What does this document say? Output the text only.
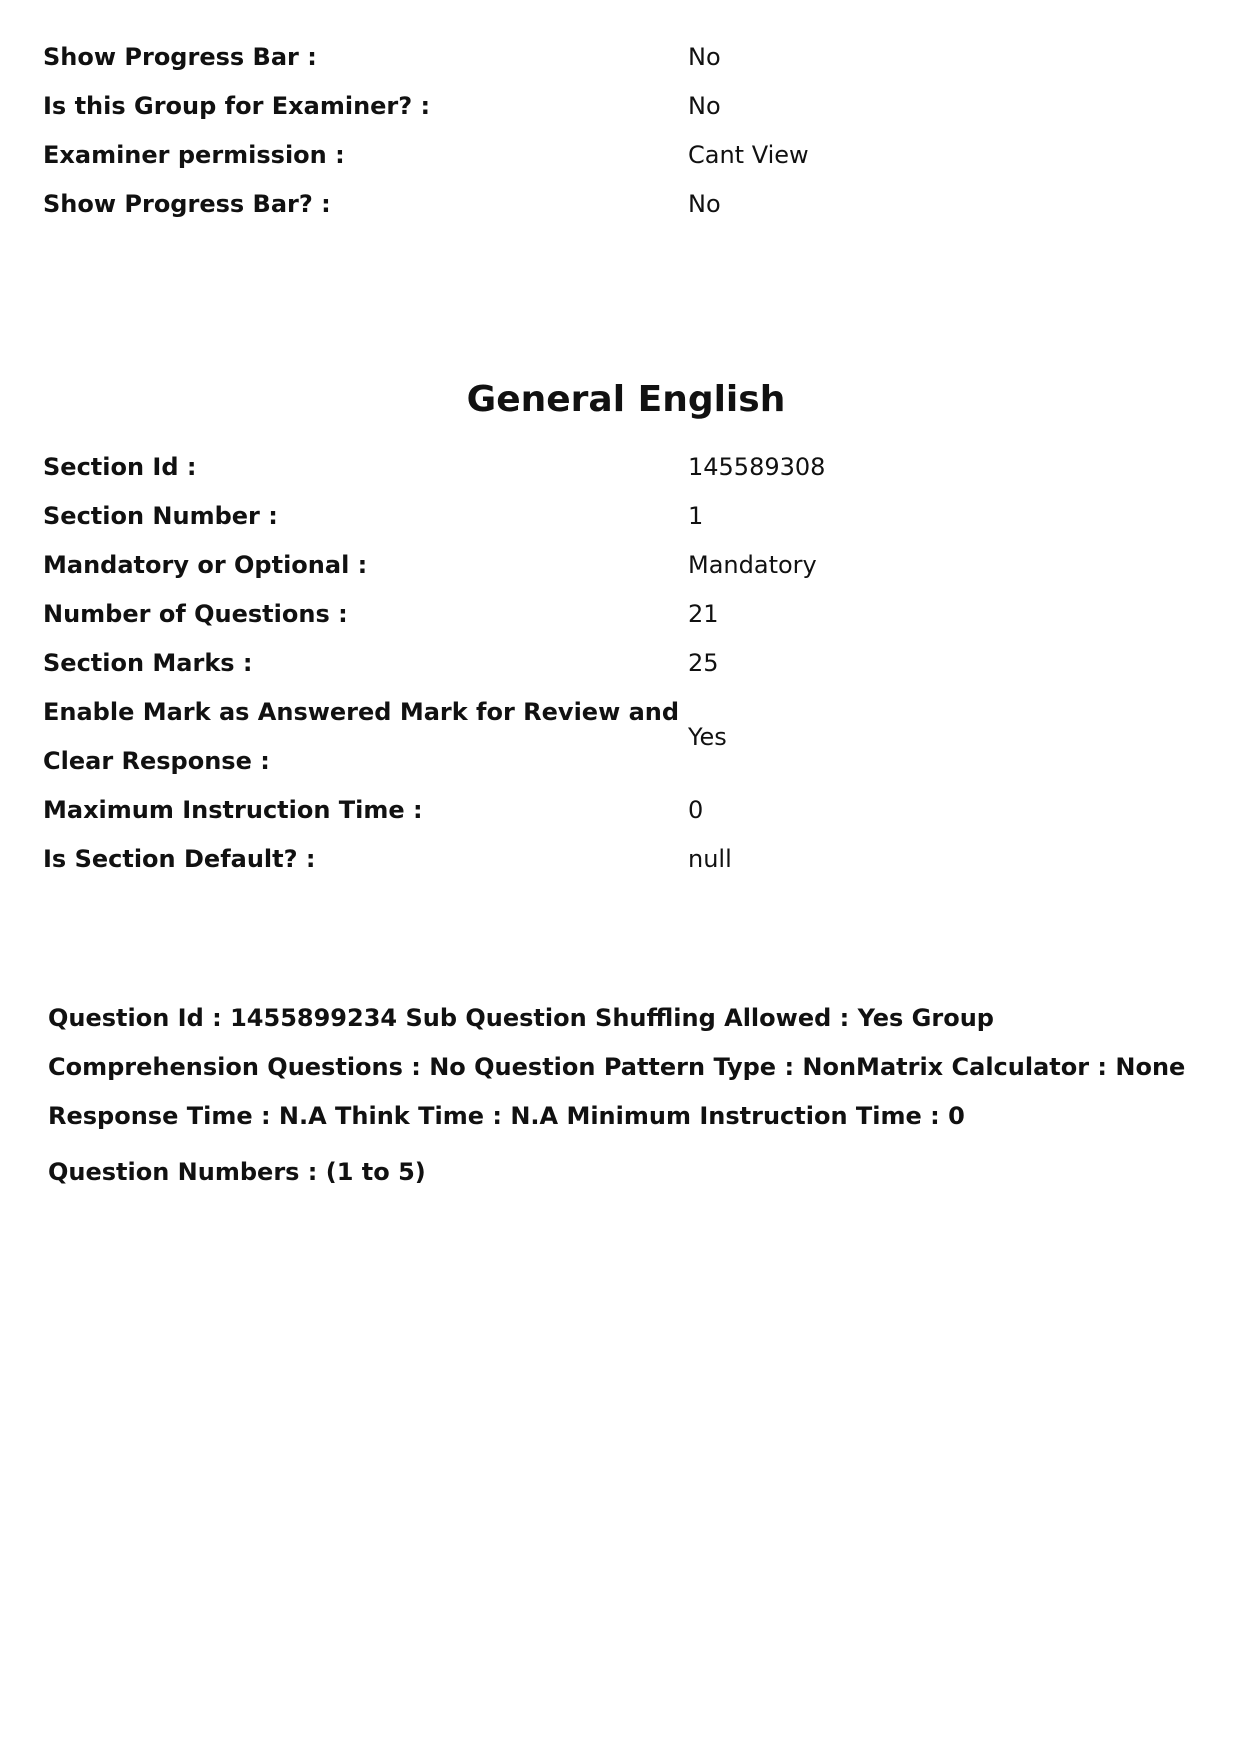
Show Progress Bar :	No
Is this Group for Examiner? :	No
Examiner permission :	Cant View
Show Progress Bar? :	No
General English
Section Id :	145589308
Section Number :	1
Mandatory or Optional :	Mandatory
Number of Questions :	21
Section Marks :	25
Enable Mark as Answered Mark for Review and Clear Response :	Yes
Maximum Instruction Time :	0
Is Section Default? :	null

Question Id : 1455899234 Sub Question Shuffling Allowed : Yes Group Comprehension Questions : No Question Pattern Type : NonMatrix Calculator : None Response Time : N.A Think Time : N.A Minimum Instruction Time : 0

Question Numbers : (1 to 5)
